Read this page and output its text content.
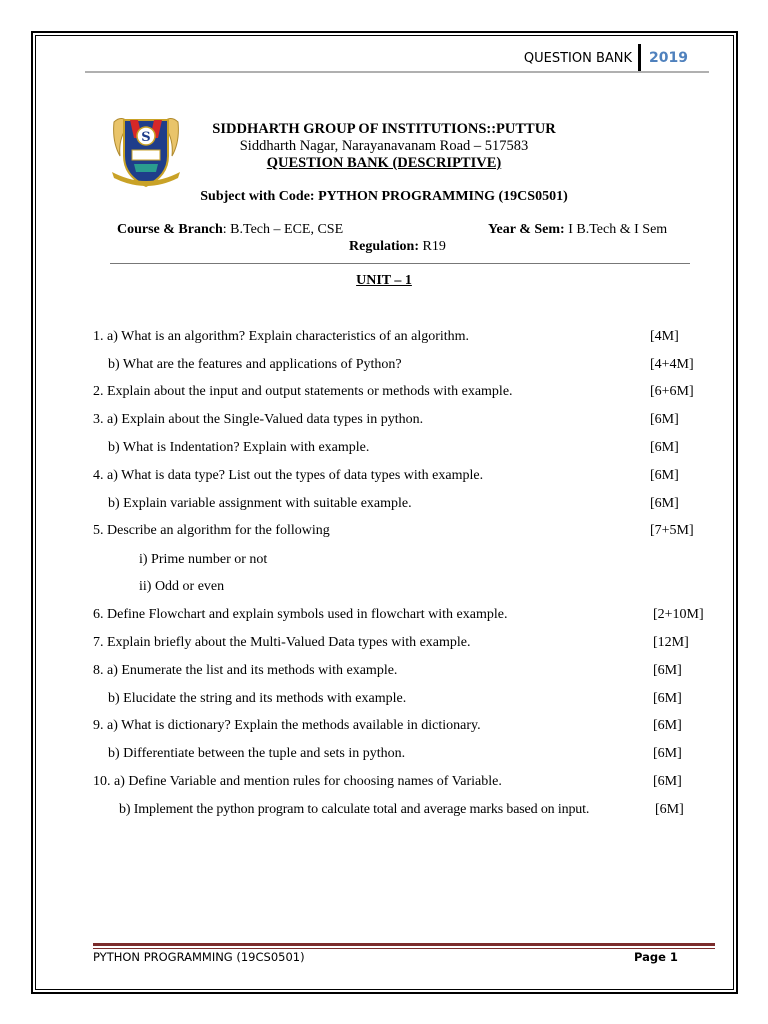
QUESTION BANK	2019
S
SIDDHARTH GROUP OF INSTITUTIONS::PUTTUR
Siddharth Nagar, Narayanavanam Road – 517583
QUESTION BANK (DESCRIPTIVE)
Subject with Code: PYTHON PROGRAMMING (19CS0501)
Course & Branch: B.Tech – ECE, CSE	Year & Sem: I B.Tech & I Sem
Regulation: R19
UNIT – 1
1. a) What is an algorithm? Explain characteristics of an algorithm.	[4M]
b) What are the features and applications of Python?	[4+4M]
2. Explain about the input and output statements or methods with example.	[6+6M]
3. a) Explain about the Single-Valued data types in python.	[6M]
b) What is Indentation? Explain with example.	[6M]
4. a) What is data type? List out the types of data types with example.	[6M]
b) Explain variable assignment with suitable example.	[6M]
5. Describe an algorithm for the following	[7+5M]
i) Prime number or not
ii) Odd or even
6. Define Flowchart and explain symbols used in flowchart with example.	[2+10M]
7. Explain briefly about the Multi-Valued Data types with example.	[12M]
8. a) Enumerate the list and its methods with example.	[6M]
b) Elucidate the string and its methods with example.	[6M]
9. a) What is dictionary? Explain the methods available in dictionary.	[6M]
b) Differentiate between the tuple and sets in python.	[6M]
10. a) Define Variable and mention rules for choosing names of Variable.	[6M]
b) Implement the python program to calculate total and average marks based on input.	[6M]
PYTHON PROGRAMMING (19CS0501)	Page 1
